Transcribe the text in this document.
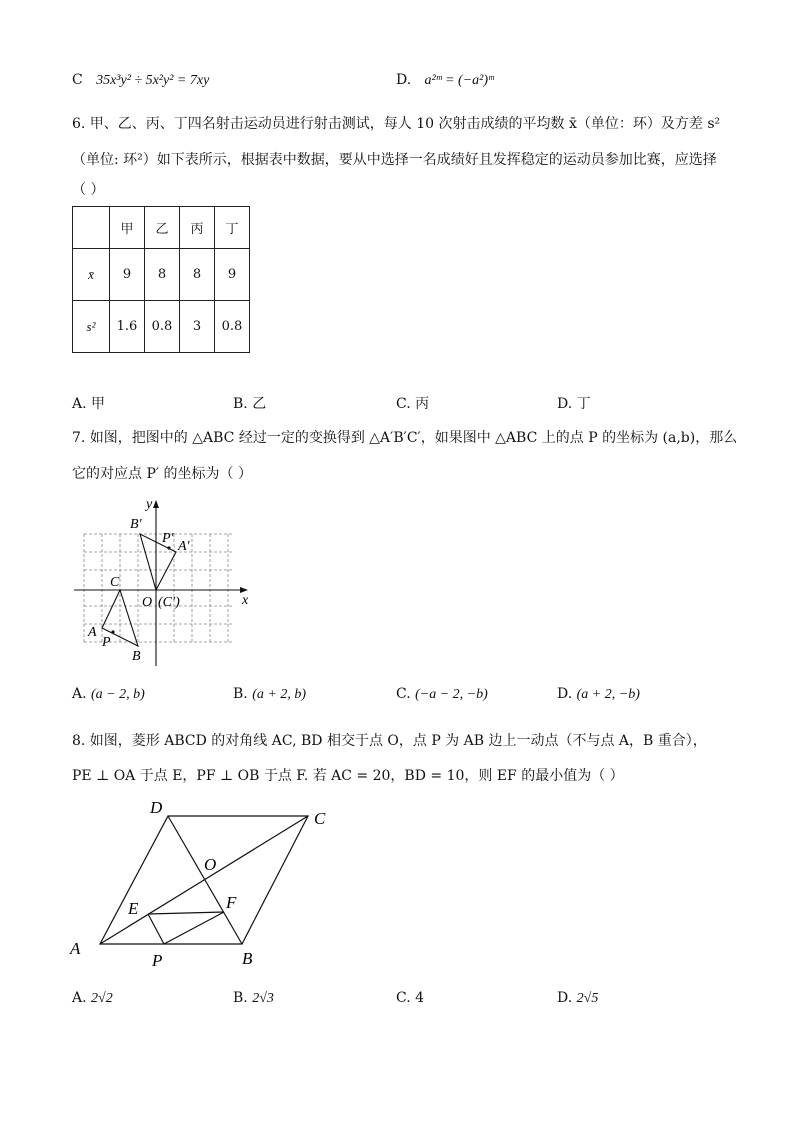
C 35x³y² ÷ 5x²y² = 7xy	D. a²ᵐ = (−a²)ᵐ
6. 甲、乙、丙、丁四名射击运动员进行射击测试，每人 10 次射击成绩的平均数 x̄（单位：环）及方差 s²
（单位: 环²）如下表所示，根据表中数据，要从中选择一名成绩好且发挥稳定的运动员参加比赛，应选择
（ ）
	甲	乙	丙	丁
x̄	9	8	8	9
s²	1.6	0.8	3	0.8
A. 甲	B. 乙	C. 丙	D. 丁
7. 如图，把图中的 △ABC 经过一定的变换得到 △A′B′C′，如果图中 △ABC 上的点 P 的坐标为 (a,b)，那么
它的对应点 P′ 的坐标为（ ）
y
x
O (C′)
C
A
B
P
A′
B′
P′
A. (a − 2, b)	B. (a + 2, b)	C. (−a − 2, −b)	D. (a + 2, −b)
8. 如图，菱形 ABCD 的对角线 AC, BD 相交于点 O，点 P 为 AB 边上一动点（不与点 A，B 重合），
PE ⊥ OA 于点 E，PF ⊥ OB 于点 F. 若 AC = 20，BD = 10，则 EF 的最小值为（ ）
A
B
C
D
O
E	F
P
A. 2√2	B. 2√3	C. 4	D. 2√5
